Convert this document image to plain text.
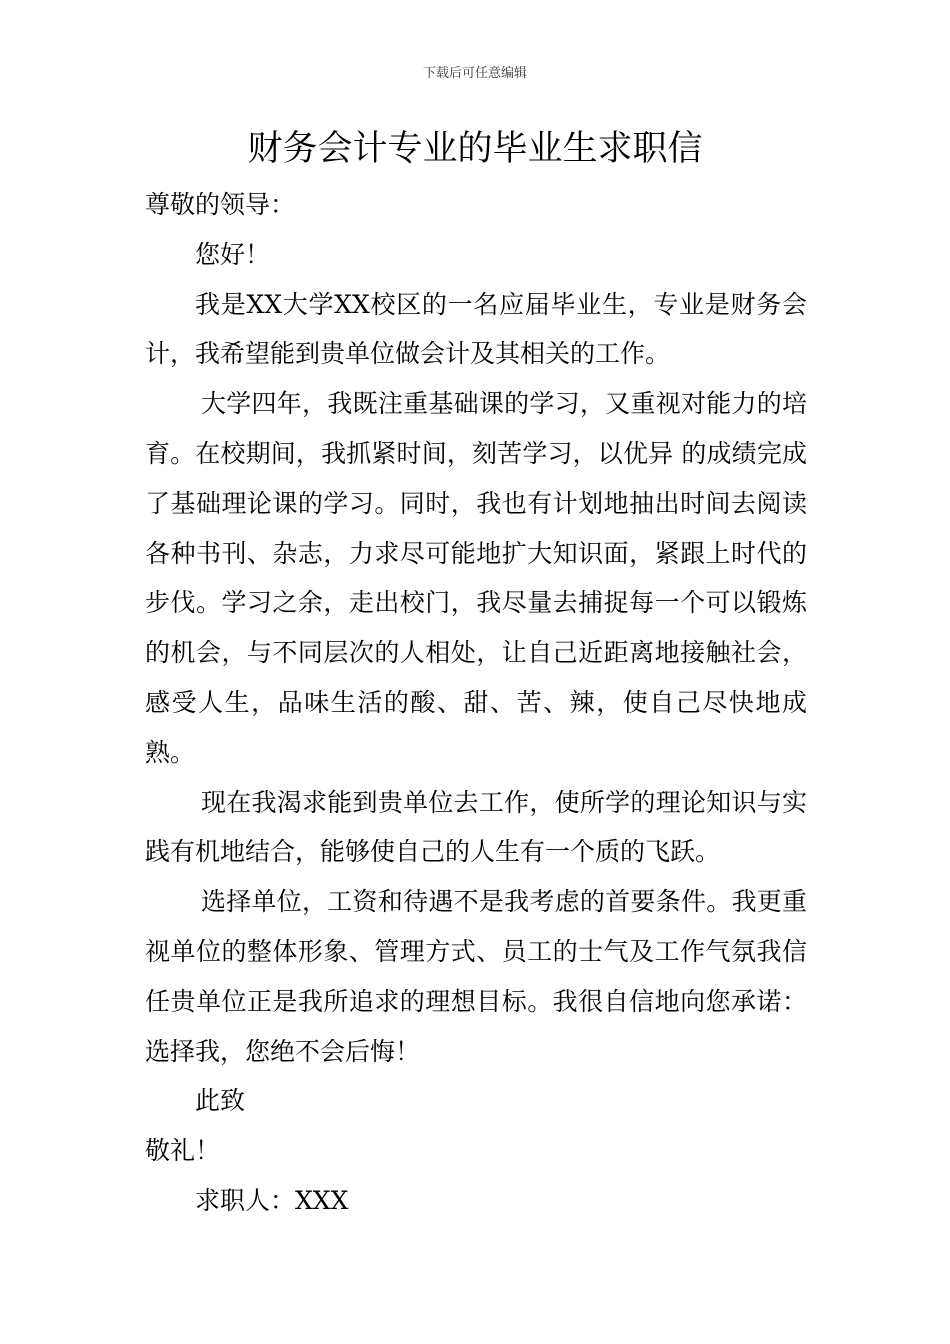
下载后可任意编辑
财务会计专业的毕业生求职信

尊敬的领导：

您好！

我是XX大学XX校区的一名应届毕业生，专业是财务会计，我希望能到贵单位做会计及其相关的工作。

大学四年，我既注重基础课的学习，又重视对能力的培育。在校期间，我抓紧时间，刻苦学习，以优异 的成绩完成了基础理论课的学习。同时，我也有计划地抽出时间去阅读各种书刊、杂志，力求尽可能地扩大知识面，紧跟上时代的步伐。学习之余，走出校门，我尽量去捕捉每一个可以锻炼的机会，与不同层次的人相处，让自己近距离地接触社会，感受人生，品味生活的酸、甜、苦、辣，使自己尽快地成熟。

现在我渴求能到贵单位去工作，使所学的理论知识与实践有机地结合，能够使自己的人生有一个质的飞跃。

选择单位，工资和待遇不是我考虑的首要条件。我更重视单位的整体形象、管理方式、员工的士气及工作气氛我信任贵单位正是我所追求的理想目标。我很自信地向您承诺：选择我，您绝不会后悔！

此致

敬礼！

求职人：XXX
